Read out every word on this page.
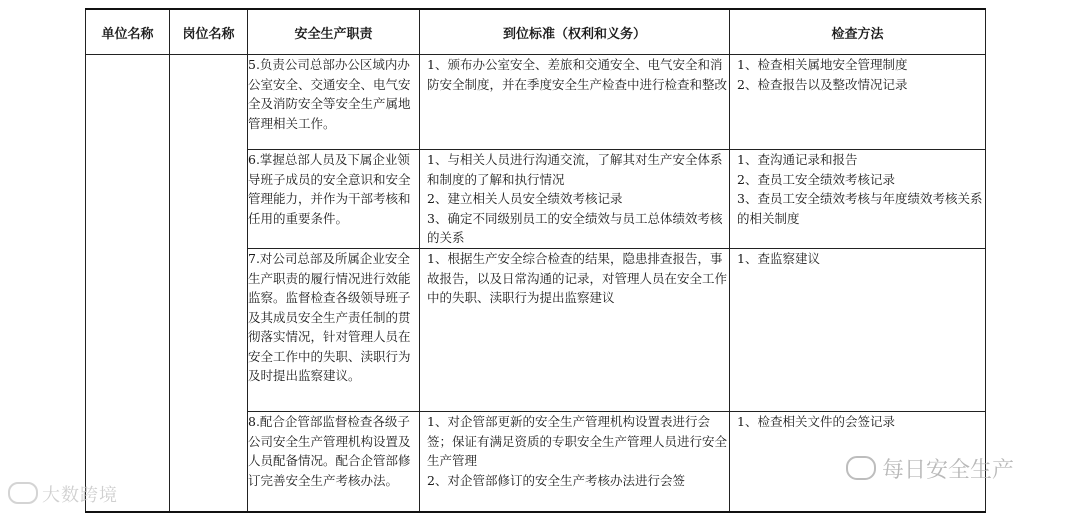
单位名称	岗位名称	安全生产职责	到位标准（权利和义务）	检查方法
		5.负责公司总部办公区域内办公室安全、交通安全、电气安全及消防安全等安全生产属地管理相关工作。	1、颁布办公室安全、差旅和交通安全、电气安全和消防安全制度，并在季度安全生产检查中进行检查和整改	1、检查相关属地安全管理制度
2、检查报告以及整改情况记录
		6.掌握总部人员及下属企业领导班子成员的安全意识和安全管理能力，并作为干部考核和任用的重要条件。	1、与相关人员进行沟通交流，了解其对生产安全体系和制度的了解和执行情况
2、建立相关人员安全绩效考核记录
3、确定不同级别员工的安全绩效与员工总体绩效考核的关系	1、查沟通记录和报告
2、查员工安全绩效考核记录
3、查员工安全绩效考核与年度绩效考核关系的相关制度
		7.对公司总部及所属企业安全生产职责的履行情况进行效能监察。监督检查各级领导班子及其成员安全生产责任制的贯彻落实情况，针对管理人员在安全工作中的失职、渎职行为及时提出监察建议。	1、根据生产安全综合检查的结果，隐患排查报告，事故报告，以及日常沟通的记录，对管理人员在安全工作中的失职、渎职行为提出监察建议	1、查监察建议
		8.配合企管部监督检查各级子公司安全生产管理机构设置及人员配备情况。配合企管部修订完善安全生产考核办法。	1、对企管部更新的安全生产管理机构设置表进行会签；保证有满足资质的专职安全生产管理人员进行安全生产管理
2、对企管部修订的安全生产考核办法进行会签	1、检查相关文件的会签记录
大数跨境
每日安全生产
